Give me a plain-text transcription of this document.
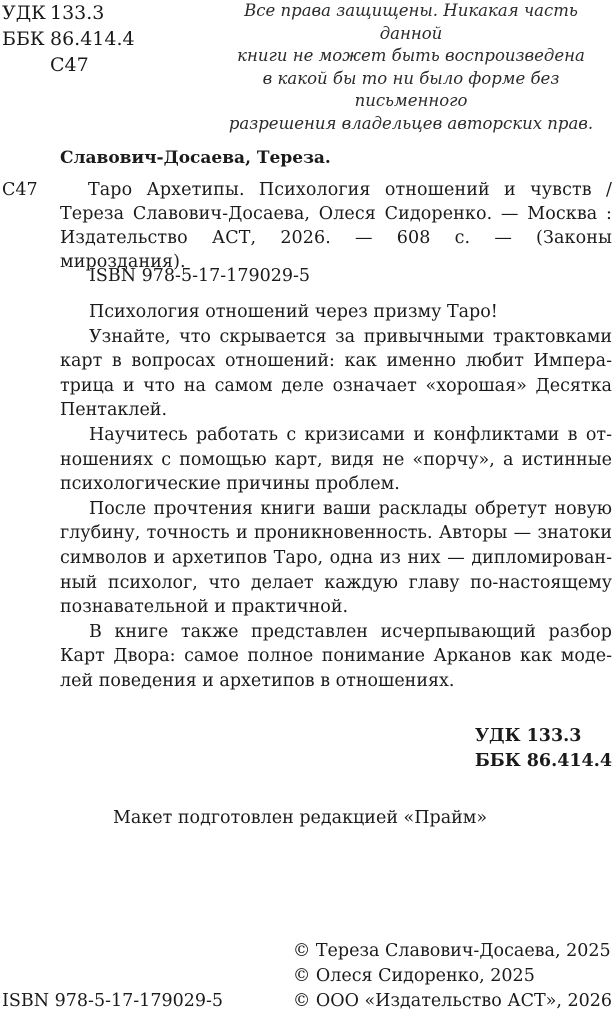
УДК 133.3
ББК 86.414.4
С47
Все права защищены. Никакая часть данной
книги не может быть воспроизведена
в какой бы то ни было форме без письменного
разрешения владельцев авторских прав.
Славович-Досаева, Тереза.
С47	Таро Архетипы. Психология отношений и чувств / Тереза Славович-Досаева, Олеся Сидоренко. — Москва : Издательство АСТ, 2026. — 608 с. — (Законы мироздания).
ISBN 978-5-17-179029-5

Психология отношений через призму Таро!

Узнайте, что скрывается за привычными трактовками карт в вопросах отношений: как именно любит Императрица и что на самом деле означает «хорошая» Десятка Пентаклей.

Научитесь работать с кризисами и конфликтами в отношениях с помощью карт, видя не «порчу», а истинные психологические причины проблем.

После прочтения книги ваши расклады обретут новую глубину, точность и проникновенность. Авторы — знатоки символов и архетипов Таро, одна из них — дипломированный психолог, что делает каждую главу по-настоящему познавательной и практичной.

В книге также представлен исчерпывающий разбор Карт Двора: самое полное понимание Арканов как моделей поведения и архетипов в отношениях.

УДК 133.3
ББК 86.414.4
Макет подготовлен редакцией «Прайм»
© Тереза Славович-Досаева, 2025
© Олеся Сидоренко, 2025
© ООО «Издательство АСТ», 2026
ISBN 978-5-17-179029-5
